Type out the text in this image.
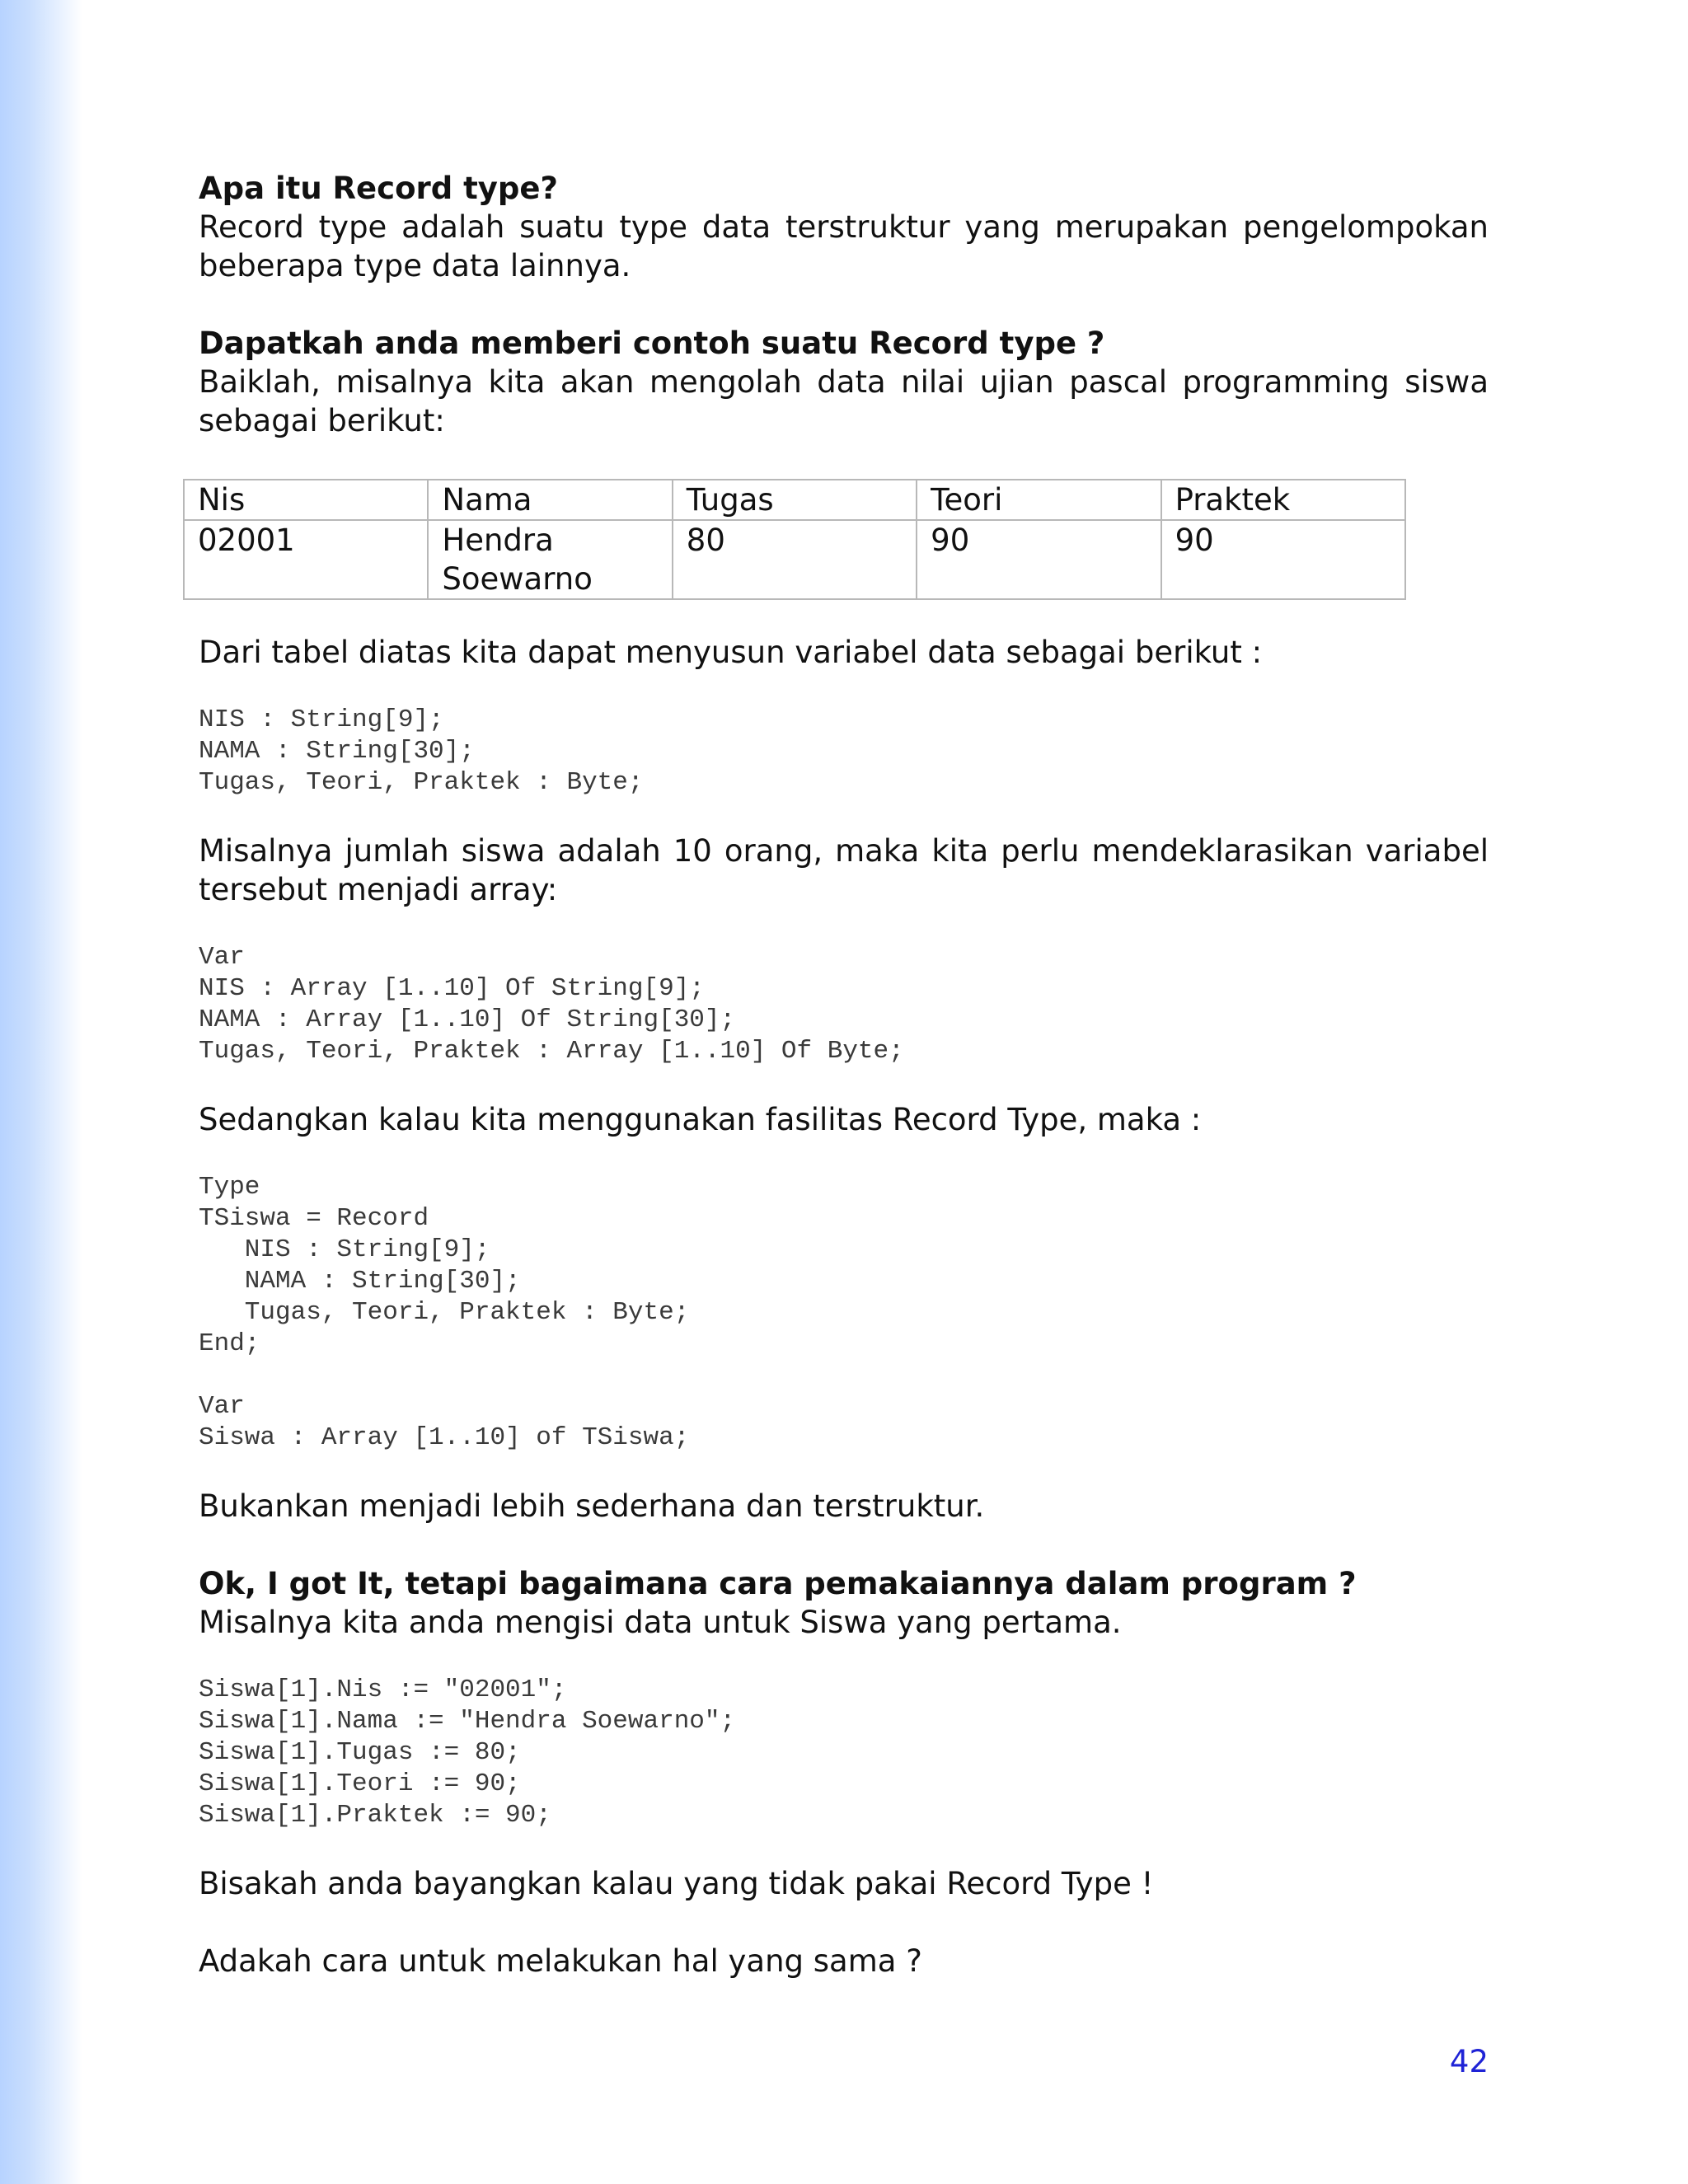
Apa itu Record type?

Record type adalah suatu type data terstruktur yang merupakan pengelompokan beberapa type data lainnya.

Dapatkah anda memberi contoh suatu Record type ?

Baiklah, misalnya kita akan mengolah data nilai ujian pascal programming siswa sebagai berikut:

Nis	Nama	Tugas	Teori	Praktek
02001	Hendra Soewarno	80	90	90

Dari tabel diatas kita dapat menyusun variabel data sebagai berikut :

NIS : String[9];
NAMA : String[30];
Tugas, Teori, Praktek : Byte;

Misalnya jumlah siswa adalah 10 orang, maka kita perlu mendeklarasikan variabel tersebut menjadi array:

Var
NIS : Array [1..10] Of String[9];
NAMA : Array [1..10] Of String[30];
Tugas, Teori, Praktek : Array [1..10] Of Byte;

Sedangkan kalau kita menggunakan fasilitas Record Type, maka :

Type
TSiswa = Record
NIS : String[9];
NAMA : String[30];
Tugas, Teori, Praktek : Byte;
End;
Var
Siswa : Array [1..10] of TSiswa;

Bukankan menjadi lebih sederhana dan terstruktur.

Ok, I got It, tetapi bagaimana cara pemakaiannya dalam program ?

Misalnya kita anda mengisi data untuk Siswa yang pertama.

Siswa[1].Nis := "02001";
Siswa[1].Nama := "Hendra Soewarno";
Siswa[1].Tugas := 80;
Siswa[1].Teori := 90;
Siswa[1].Praktek := 90;

Bisakah anda bayangkan kalau yang tidak pakai Record Type !

Adakah cara untuk melakukan hal yang sama ?

42
